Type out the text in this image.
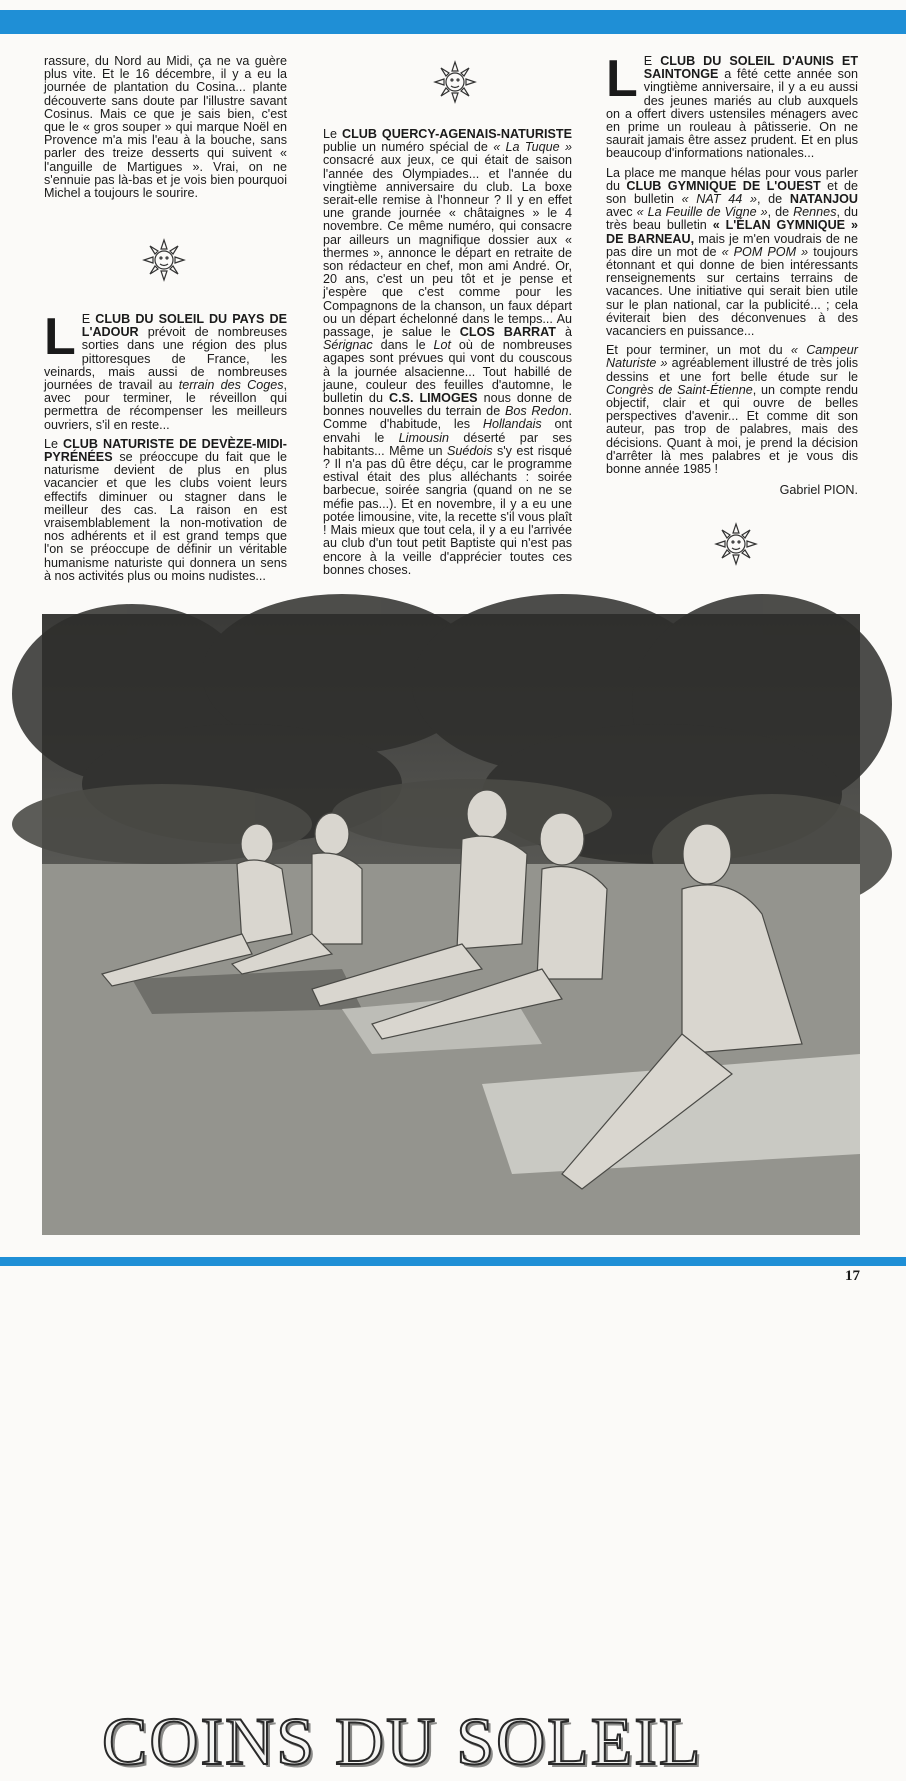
rassure, du Nord au Midi, ça ne va guère plus vite. Et le 16 décembre, il y a eu la journée de plantation du Cosina... plante découverte sans doute par l'illustre savant Cosinus. Mais ce que je sais bien, c'est que le « gros souper » qui marque Noël en Provence m'a mis l'eau à la bouche, sans parler des treize desserts qui suivent « l'anguille de Martigues ». Vrai, on ne s'ennuie pas là-bas et je vois bien pourquoi Michel a toujours le sourire.

L E CLUB DU SOLEIL DU PAYS DE L'ADOUR prévoit de nombreuses sorties dans une région des plus pittoresques de France, les veinards, mais aussi de nombreuses journées de travail au terrain des Coges, avec pour terminer, le réveillon qui permettra de récompenser les meilleurs ouvriers, s'il en reste...

Le CLUB NATURISTE DE DEVÈZE-MIDI-PYRÉNÉES se préoccupe du fait que le naturisme devient de plus en plus vacancier et que les clubs voient leurs effectifs diminuer ou stagner dans le meilleur des cas. La raison en est vraisemblablement la non-motivation de nos adhérents et il est grand temps que l'on se préoccupe de définir un véritable humanisme naturiste qui donnera un sens à nos activités plus ou moins nudistes...

Le CLUB QUERCY-AGENAIS-NATURISTE publie un numéro spécial de « La Tuque » consacré aux jeux, ce qui était de saison l'année des Olympiades... et l'année du vingtième anniversaire du club. La boxe serait-elle remise à l'honneur ? Il y en effet une grande journée « châtaignes » le 4 novembre. Ce même numéro, qui consacre par ailleurs un magnifique dossier aux « thermes », annonce le départ en retraite de son rédacteur en chef, mon ami André. Or, 20 ans, c'est un peu tôt et je pense et j'espère que c'est comme pour les Compagnons de la chanson, un faux départ ou un départ échelonné dans le temps... Au passage, je salue le CLOS BARRAT à Sérignac dans le Lot où de nombreuses agapes sont prévues qui vont du couscous à la journée alsacienne... Tout habillé de jaune, couleur des feuilles d'automne, le bulletin du C.S. LIMOGES nous donne de bonnes nouvelles du terrain de Bos Redon. Comme d'habitude, les Hollandais ont envahi le Limousin déserté par ses habitants... Même un Suédois s'y est risqué ? Il n'a pas dû être déçu, car le programme estival était des plus alléchants : soirée barbecue, soirée sangria (quand on ne se méfie pas...). Et en novembre, il y a eu une potée limousine, vite, la recette s'il vous plaît ! Mais mieux que tout cela, il y a eu l'arrivée au club d'un tout petit Baptiste qui n'est pas encore à la veille d'apprécier toutes ces bonnes choses.

L E CLUB DU SOLEIL D'AUNIS ET SAINTONGE a fêté cette année son vingtième anniversaire, il y a eu aussi des jeunes mariés au club auxquels on a offert divers ustensiles ménagers avec en prime un rouleau à pâtisserie. On ne saurait jamais être assez prudent. Et en plus beaucoup d'informations nationales...

La place me manque hélas pour vous parler du CLUB GYMNIQUE DE L'OUEST et de son bulletin « NAT 44 », de NATANJOU avec « La Feuille de Vigne », de Rennes, du très beau bulletin « L'ÉLAN GYMNIQUE » DE BARNEAU, mais je m'en voudrais de ne pas dire un mot de « POM POM » toujours étonnant et qui donne de bien intéressants renseignements sur certains terrains de vacances. Une initiative qui serait bien utile sur le plan national, car la publicité... ; cela éviterait bien des déconvenues à des vacanciers en puissance...

Et pour terminer, un mot du « Campeur Naturiste » agréablement illustré de très jolis dessins et une fort belle étude sur le Congrès de Saint-Étienne, un compte rendu objectif, clair et qui ouvre de belles perspectives d'avenir... Et comme dit son auteur, pas trop de palabres, mais des décisions. Quant à moi, je prend la décision d'arrêter là mes palabres et je vous dis bonne année 1985 !

Gabriel PION.
COINS DU SOLEIL
17
